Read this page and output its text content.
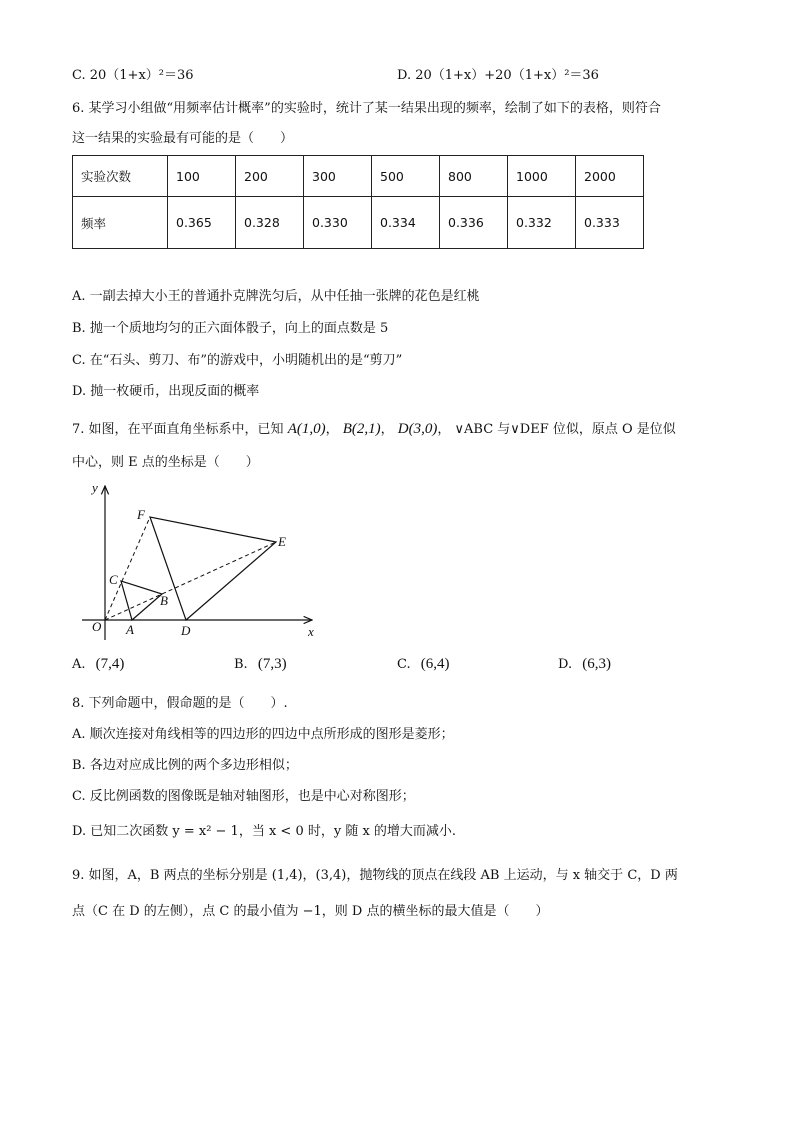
C. 20（1+x）²＝36	D. 20（1+x）+20（1+x）²＝36
6. 某学习小组做“用频率估计概率”的实验时，统计了某一结果出现的频率，绘制了如下的表格，则符合
这一结果的实验最有可能的是（　　）
实验次数	100	200	300	500	800	1000	2000
频率	0.365	0.328	0.330	0.334	0.336	0.332	0.333
A. 一副去掉大小王的普通扑克牌洗匀后，从中任抽一张牌的花色是红桃
B. 抛一个质地均匀的正六面体骰子，向上的面点数是 5
C. 在“石头、剪刀、布”的游戏中，小明随机出的是“剪刀”
D. 抛一枚硬币，出现反面的概率
7. 如图，在平面直角坐标系中，已知 A(1,0)， B(2,1)， D(3,0)， ∨ABC 与∨DEF 位似，原点 O 是位似
中心，则 E 点的坐标是（　　）
y
x
O A
B
C
D
E
F
A. (7,4)	B. (7,3)	C. (6,4)	D. (6,3)
8. 下列命题中，假命题的是（　　）.
A. 顺次连接对角线相等的四边形的四边中点所形成的图形是菱形；
B. 各边对应成比例的两个多边形相似；
C. 反比例函数的图像既是轴对轴图形，也是中心对称图形；
D. 已知二次函数 y = x² − 1，当 x < 0 时，y 随 x 的增大而减小.
9. 如图，A，B 两点的坐标分别是 (1,4)，(3,4)，抛物线的顶点在线段 AB 上运动，与 x 轴交于 C，D 两
点（C 在 D 的左侧），点 C 的最小值为 −1，则 D 点的横坐标的最大值是（　　）
